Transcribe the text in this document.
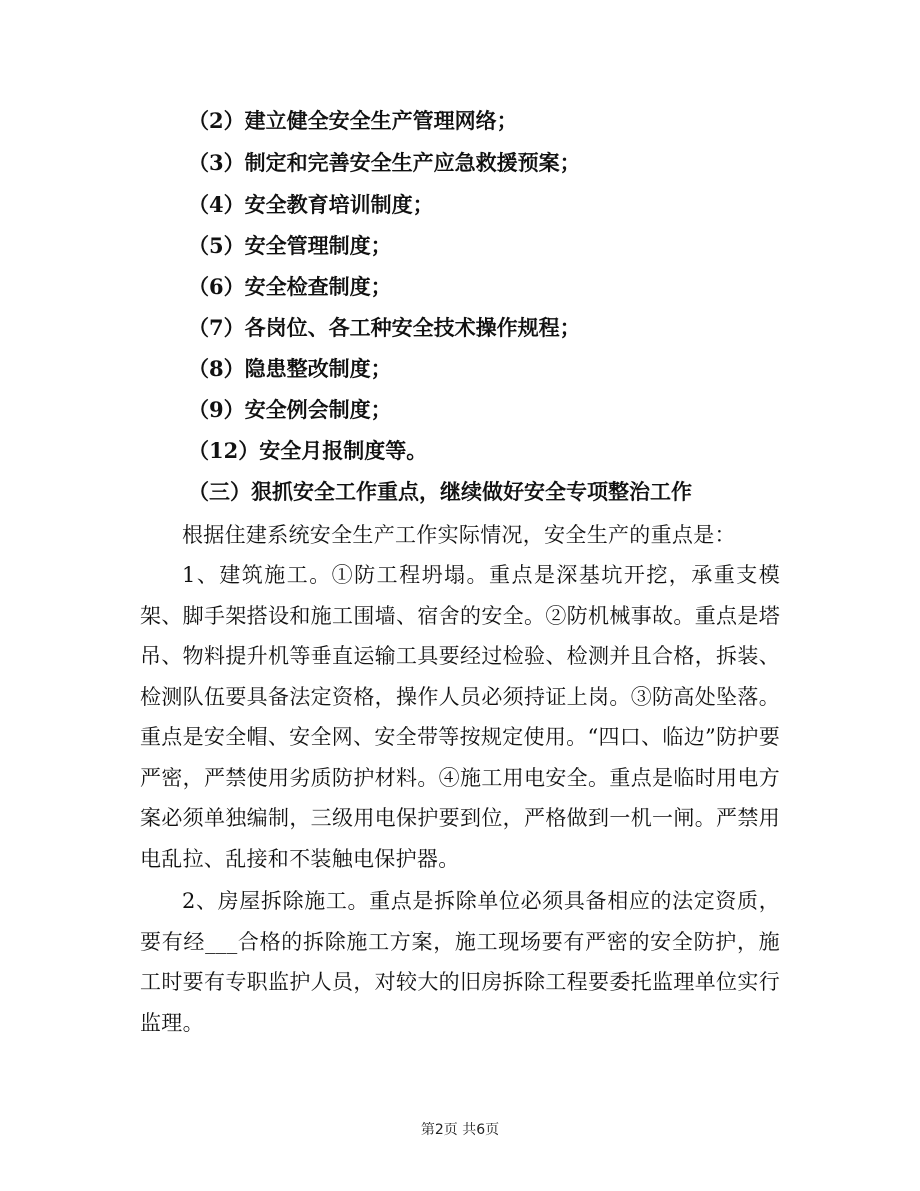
（2）建立健全安全生产管理网络；
（3）制定和完善安全生产应急救援预案；
（4）安全教育培训制度；
（5）安全管理制度；
（6）安全检查制度；
（7）各岗位、各工种安全技术操作规程；
（8）隐患整改制度；
（9）安全例会制度；
（12）安全月报制度等。
（三）狠抓安全工作重点，继续做好安全专项整治工作
根据住建系统安全生产工作实际情况，安全生产的重点是：
1、建筑施工。①防工程坍塌。重点是深基坑开挖，承重支模架、脚手架搭设和施工围墙、宿舍的安全。②防机械事故。重点是塔吊、物料提升机等垂直运输工具要经过检验、检测并且合格，拆装、检测队伍要具备法定资格，操作人员必须持证上岗。③防高处坠落。重点是安全帽、安全网、安全带等按规定使用。“四口、临边”防护要严密，严禁使用劣质防护材料。④施工用电安全。重点是临时用电方案必须单独编制，三级用电保护要到位，严格做到一机一闸。严禁用电乱拉、乱接和不装触电保护器。
2、房屋拆除施工。重点是拆除单位必须具备相应的法定资质，要有经___合格的拆除施工方案，施工现场要有严密的安全防护，施工时要有专职监护人员，对较大的旧房拆除工程要委托监理单位实行监理。
第2页 共6页
